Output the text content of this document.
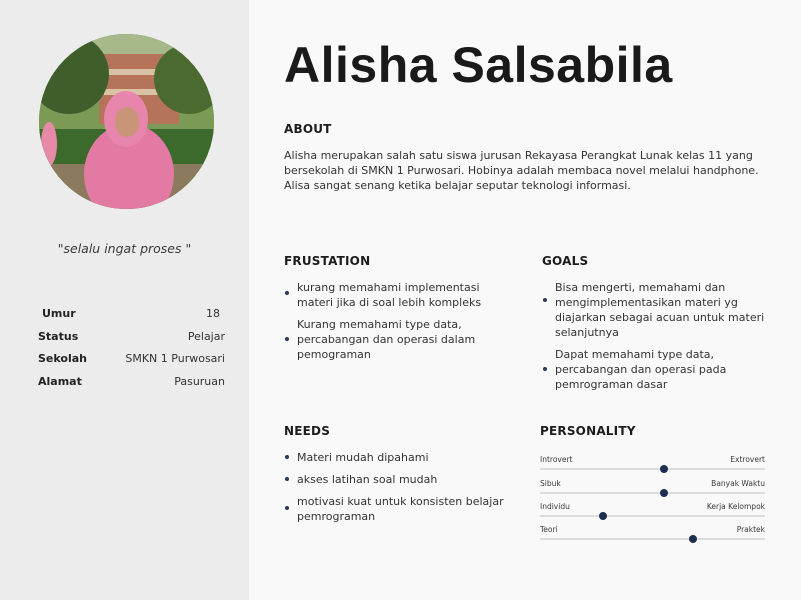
"selalu ingat proses "
Umur	18
Status	Pelajar
Sekolah	SMKN 1 Purwosari
Alamat	Pasuruan
Alisha Salsabila
ABOUT
Alisha merupakan salah satu siswa jurusan Rekayasa Perangkat Lunak kelas 11 yang bersekolah di SMKN 1 Purwosari. Hobinya adalah membaca novel melalui handphone. Alisa sangat senang ketika belajar seputar teknologi informasi.
FRUSTATION
kurang memahami implementasi materi jika di soal lebih kompleks
Kurang memahami type data, percabangan dan operasi dalam pemograman
GOALS
Bisa mengerti, memahami dan mengimplementasikan materi yg diajarkan sebagai acuan untuk materi selanjutnya
Dapat memahami type data, percabangan dan operasi pada pemrograman dasar
NEEDS
Materi mudah dipahami
akses latihan soal mudah
motivasi kuat untuk konsisten belajar pemrograman
PERSONALITY
Introvert	Extrovert
Sibuk	Banyak Waktu
Individu	Kerja Kelompok
Teori	Praktek
